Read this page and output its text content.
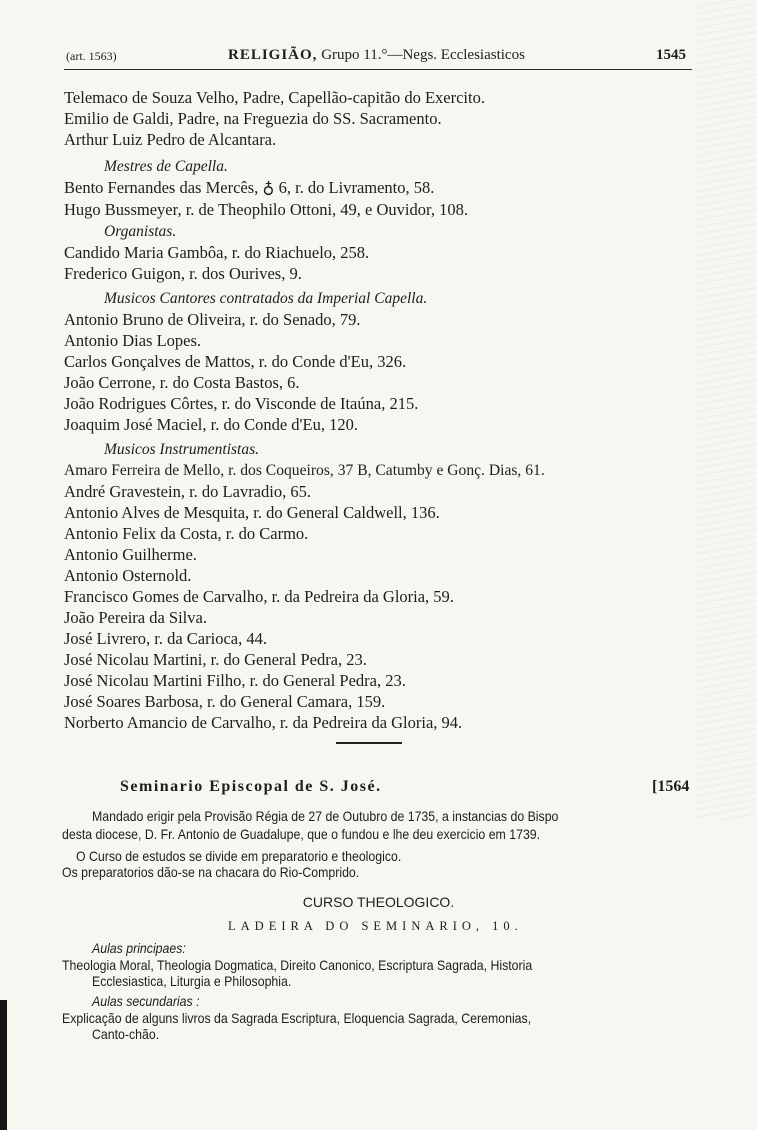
(art. 1563)	RELIGIÃO, Grupo 11.°—Negs. Ecclesiasticos	1545
Telemaco de Souza Velho, Padre, Capellão-capitão do Exercito.
Emilio de Galdi, Padre, na Freguezia do SS. Sacramento.
Arthur Luiz Pedro de Alcantara.
Mestres de Capella.
Bento Fernandes das Mercês, ♁ 6, r. do Livramento, 58.
Hugo Bussmeyer, r. de Theophilo Ottoni, 49, e Ouvidor, 108.
Organistas.
Candido Maria Gambôa, r. do Riachuelo, 258.
Frederico Guigon, r. dos Ourives, 9.
Musicos Cantores contratados da Imperial Capella.
Antonio Bruno de Oliveira, r. do Senado, 79.
Antonio Dias Lopes.
Carlos Gonçalves de Mattos, r. do Conde d'Eu, 326.
João Cerrone, r. do Costa Bastos, 6.
João Rodrigues Côrtes, r. do Visconde de Itaúna, 215.
Joaquim José Maciel, r. do Conde d'Eu, 120.
Musicos Instrumentistas.
Amaro Ferreira de Mello, r. dos Coqueiros, 37 B, Catumby e Gonç. Dias, 61.
André Gravestein, r. do Lavradio, 65.
Antonio Alves de Mesquita, r. do General Caldwell, 136.
Antonio Felix da Costa, r. do Carmo.
Antonio Guilherme.
Antonio Osternold.
Francisco Gomes de Carvalho, r. da Pedreira da Gloria, 59.
João Pereira da Silva.
José Livrero, r. da Carioca, 44.
José Nicolau Martini, r. do General Pedra, 23.
José Nicolau Martini Filho, r. do General Pedra, 23.
José Soares Barbosa, r. do General Camara, 159.
Norberto Amancio de Carvalho, r. da Pedreira da Gloria, 94.
Seminario Episcopal de S. José.	[1564
Mandado erigir pela Provisão Régia de 27 de Outubro de 1735, a instancias do Bispo
desta diocese, D. Fr. Antonio de Guadalupe, que o fundou e lhe deu exercicio em 1739.
O Curso de estudos se divide em preparatorio e theologico.
Os preparatorios dão-se na chacara do Rio-Comprido.
CURSO THEOLOGICO.
LADEIRA DO SEMINARIO, 10.
Aulas principaes:
Theologia Moral, Theologia Dogmatica, Direito Canonico, Escriptura Sagrada, Historia
Ecclesiastica, Liturgia e Philosophia.
Aulas secundarias :
Explicação de alguns livros da Sagrada Escriptura, Eloquencia Sagrada, Ceremonias,
Canto-chão.
